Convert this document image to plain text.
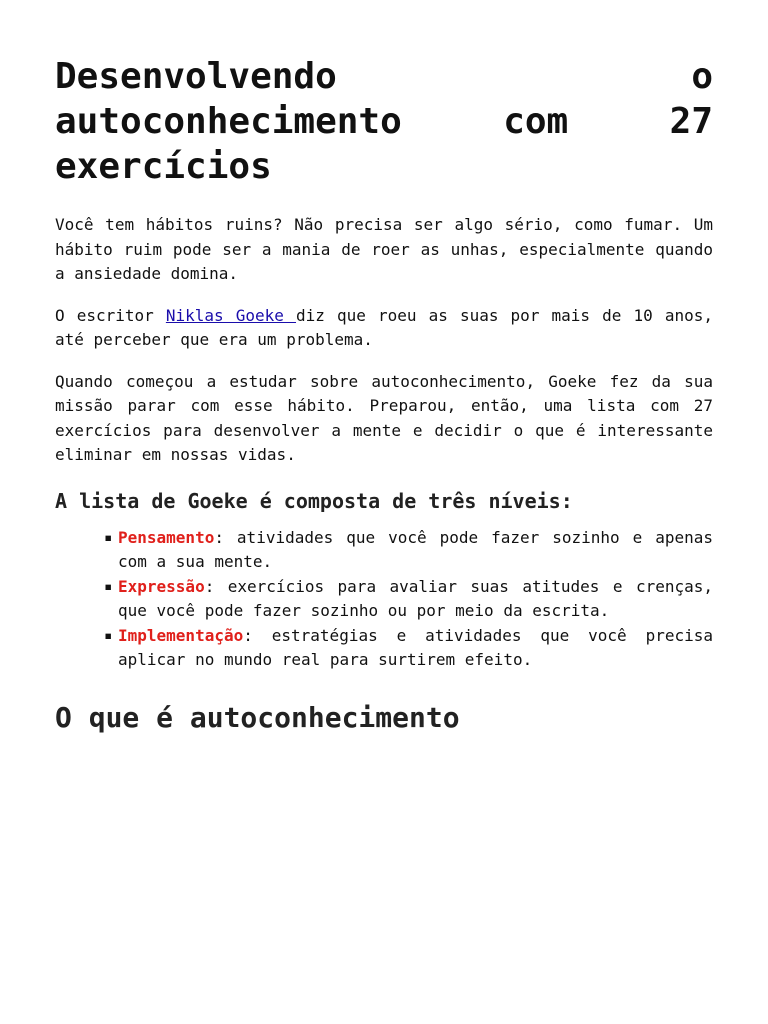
Desenvolvendo o autoconhecimento com 27 exercícios

Você tem hábitos ruins? Não precisa ser algo sério, como fumar. Um hábito ruim pode ser a mania de roer as unhas, especialmente quando a ansiedade domina.

O escritor Niklas Goeke diz que roeu as suas por mais de 10 anos, até perceber que era um problema.

Quando começou a estudar sobre autoconhecimento, Goeke fez da sua missão parar com esse hábito. Preparou, então, uma lista com 27 exercícios para desenvolver a mente e decidir o que é interessante eliminar em nossas vidas.

A lista de Goeke é composta de três níveis:
▪ Pensamento: atividades que você pode fazer sozinho e apenas com a sua mente.
▪ Expressão: exercícios para avaliar suas atitudes e crenças, que você pode fazer sozinho ou por meio da escrita.
▪ Implementação: estratégias e atividades que você precisa aplicar no mundo real para surtirem efeito.
O que é autoconhecimento
